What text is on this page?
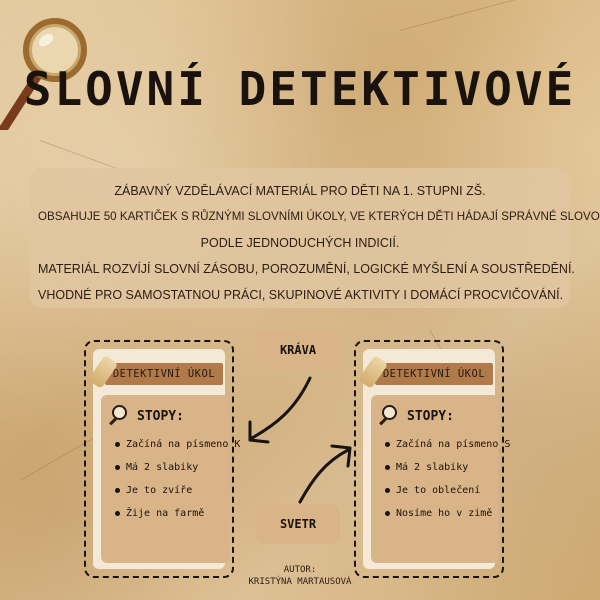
SLOVNÍ DETEKTIVOVÉ
ZÁBAVNÝ VZDĚLÁVACÍ MATERIÁL PRO DĚTI NA 1. STUPNI ZŠ.
OBSAHUJE 50 KARTIČEK S RŮZNÝMI SLOVNÍMI ÚKOLY, VE KTERÝCH DĚTI HÁDAJÍ SPRÁVNÉ SLOVO
PODLE JEDNODUCHÝCH INDICIÍ.
MATERIÁL ROZVÍJÍ SLOVNÍ ZÁSOBU, POROZUMĚNÍ, LOGICKÉ MYŠLENÍ A SOUSTŘEDĚNÍ.
VHODNÉ PRO SAMOSTATNOU PRÁCI, SKUPINOVÉ AKTIVITY I DOMÁCÍ PROCVIČOVÁNÍ.
DETEKTIVNÍ ÚKOL
STOPY:
Začíná na písmeno K
Má 2 slabiky
Je to zvíře
Žije na farmě
DETEKTIVNÍ ÚKOL
STOPY:
Začíná na písmeno S
Má 2 slabiky
Je to oblečení
Nosíme ho v zimě
KRÁVA
SVETR
AUTOR:
KRISTÝNA MARTAUSOVÁ
